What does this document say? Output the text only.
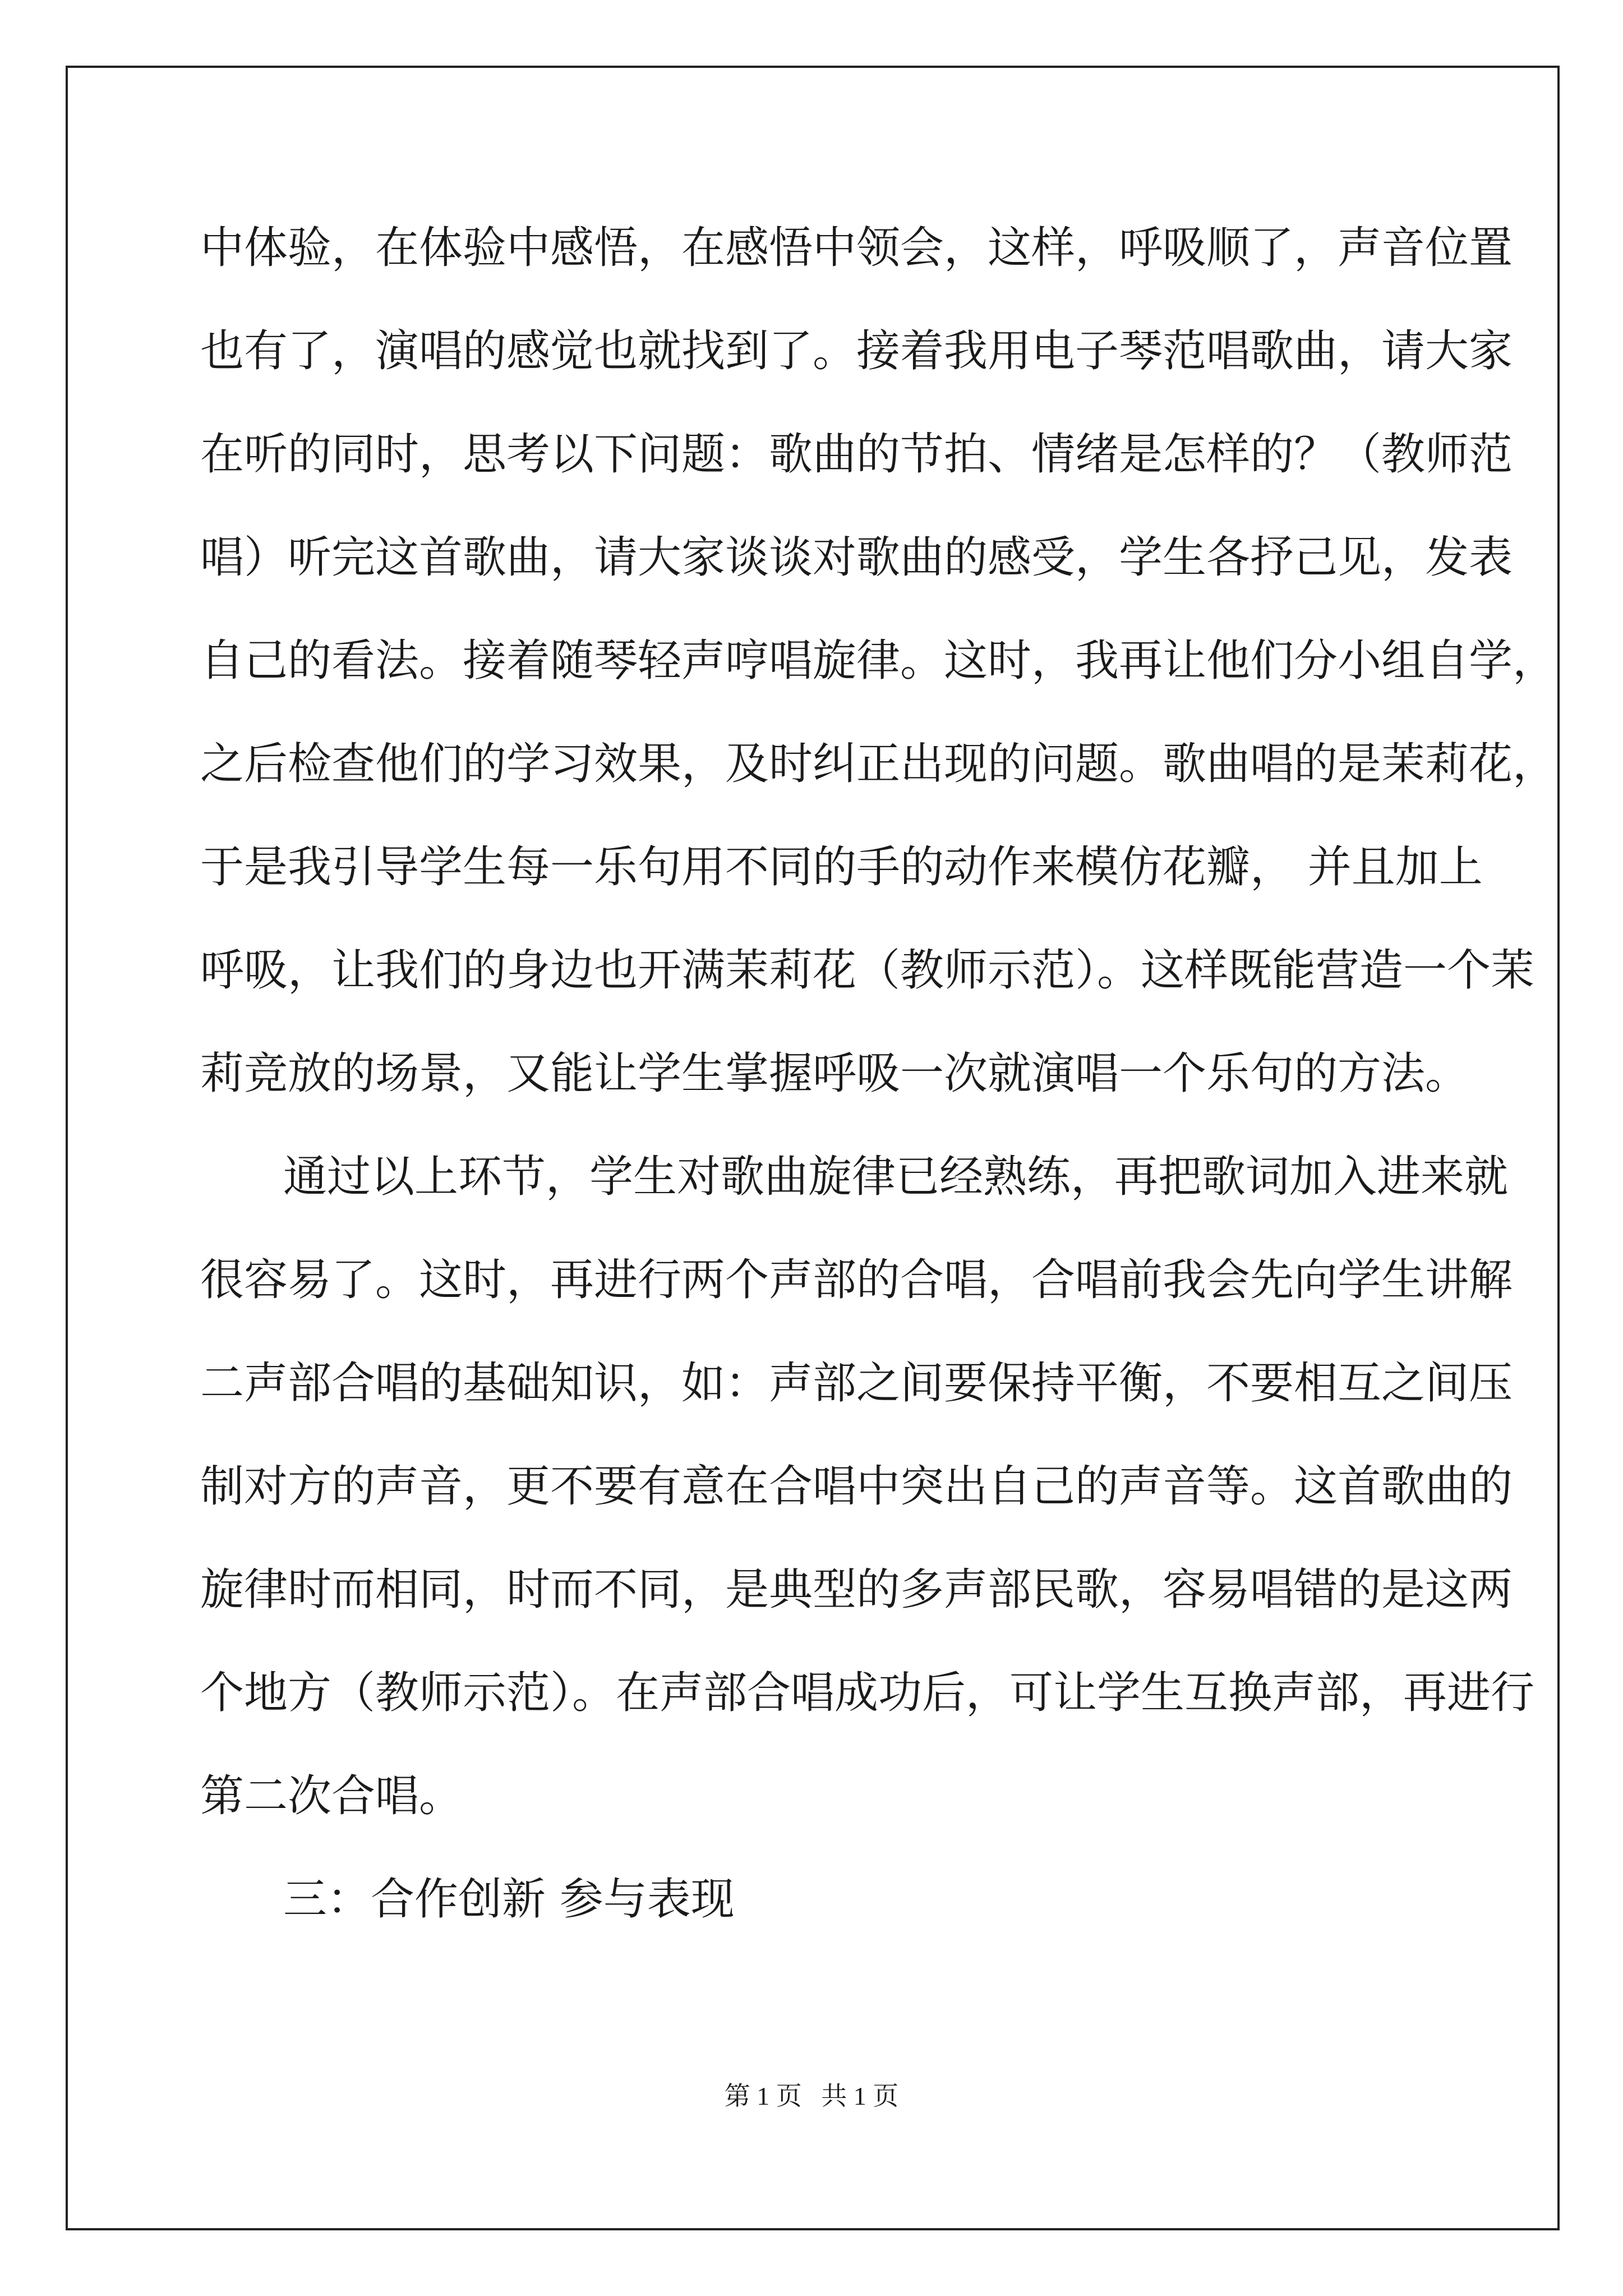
中体验，在体验中感悟，在感悟中领会，这样，呼吸顺了，声音位置
也有了，演唱的感觉也就找到了。接着我用电子琴范唱歌曲，请大家
在听的同时，思考以下问题：歌曲的节拍、情绪是怎样的？（教师范
唱）听完这首歌曲，请大家谈谈对歌曲的感受，学生各抒己见，发表
自己的看法。接着随琴轻声哼唱旋律。这时，我再让他们分小组自学，
之后检查他们的学习效果，及时纠正出现的问题。歌曲唱的是茉莉花，
于是我引导学生每一乐句用不同的手的动作来模仿花瓣， 并且加上
呼吸，让我们的身边也开满茉莉花（教师示范）。这样既能营造一个茉
莉竞放的场景，又能让学生掌握呼吸一次就演唱一个乐句的方法。
通过以上环节，学生对歌曲旋律已经熟练，再把歌词加入进来就
很容易了。这时，再进行两个声部的合唱，合唱前我会先向学生讲解
二声部合唱的基础知识，如：声部之间要保持平衡，不要相互之间压
制对方的声音，更不要有意在合唱中突出自己的声音等。这首歌曲的
旋律时而相同，时而不同，是典型的多声部民歌，容易唱错的是这两
个地方（教师示范）。在声部合唱成功后，可让学生互换声部，再进行
第二次合唱。
三：合作创新 参与表现
第 1 页   共 1 页
